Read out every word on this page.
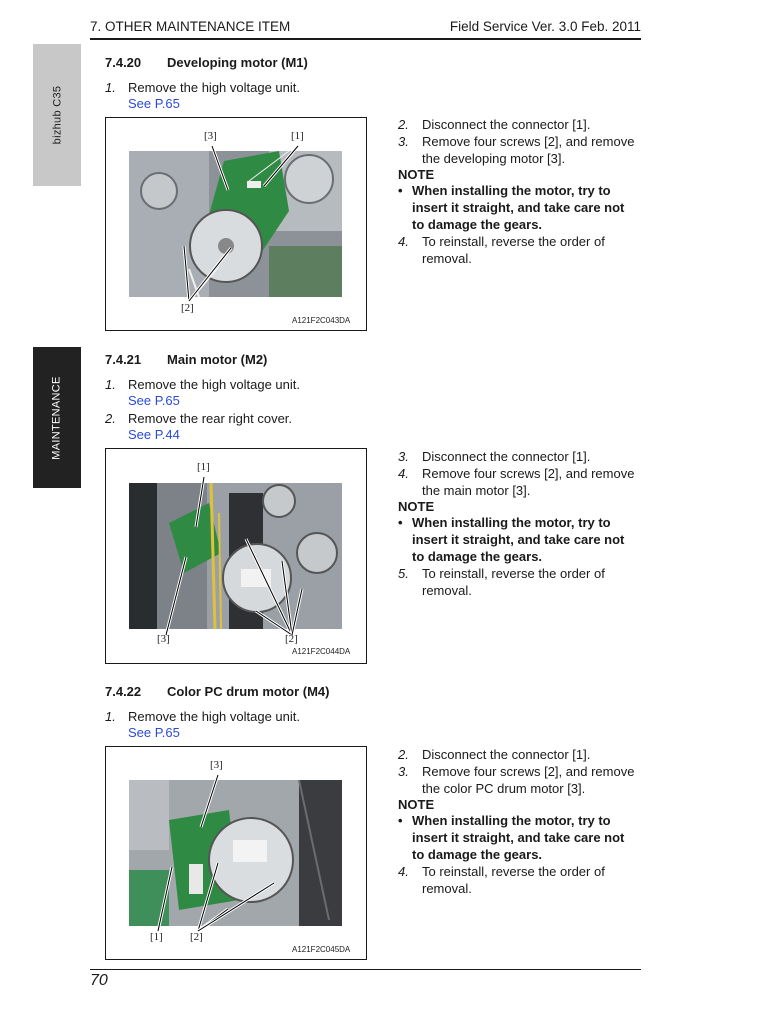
7. OTHER MAINTENANCE ITEM	Field Service Ver. 3.0 Feb. 2011
bizhub C35
MAINTENANCE
7.4.20 Developing motor (M1)
1. Remove the high voltage unit.
See P.65
[3]	[1]
[2]
A121F2C043DA
2. Disconnect the connector [1].
3. Remove four screws [2], and remove the developing motor [3].
NOTE
• When installing the motor, try to insert it straight, and take care not to damage the gears.
4. To reinstall, reverse the order of removal.
7.4.21 Main motor (M2)
1. Remove the high voltage unit.
See P.65
2. Remove the rear right cover.
See P.44
[1]
[3]	[2]
A121F2C044DA
3. Disconnect the connector [1].
4. Remove four screws [2], and remove the main motor [3].
NOTE
• When installing the motor, try to insert it straight, and take care not to damage the gears.
5. To reinstall, reverse the order of removal.
7.4.22 Color PC drum motor (M4)
1. Remove the high voltage unit.
See P.65
[3]
[1] [2]
A121F2C045DA
2. Disconnect the connector [1].
3. Remove four screws [2], and remove the color PC drum motor [3].
NOTE
• When installing the motor, try to insert it straight, and take care not to damage the gears.
4. To reinstall, reverse the order of removal.
70
